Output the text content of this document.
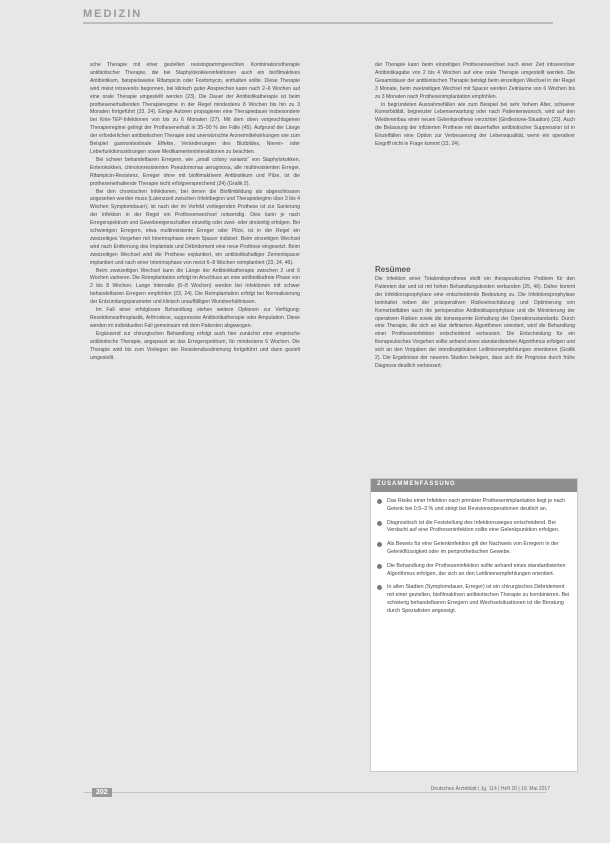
MEDIZIN

sche Therapie mit einer gezielten resistogrammgerechten Kombinationstherapie antibiotischer Therapie, die bei Staphylokokkeninfektionen auch ein biofilmaktives Antibiotikum, beispielsweise Rifampicin oder Fosfomycin, enthalten sollte. Diese Therapie wird meist intravenös begonnen, bei klinisch guter Ansprechen kann nach 2–6 Wochen auf eine orale Therapie umgestellt werden (23). Die Dauer der Antibiotikatherapie ist beim prothesenerhaltenden Therapieregime in der Regel mindestens 8 Wochen bis hin zu 3 Monaten fortgeführt (23, 24). Einige Autoren propagieren eine Therapiedauer insbesondere bei Knie-TEP-Infektionen von bis zu 6 Monaten (27). Mit dem oben vorgeschlagenen Therapieregime gelingt der Prothesenerhalt in 35–90 % der Fälle (45). Aufgrund der Länge der erforderlichen antibiotischen Therapie sind unerwünschte Arzneimittelwirkungen wie zum Beispiel gastrointestinale Effekte, Veränderungen des Blutbildes, Nieren- oder Leberfunktionsstörungen sowie Medikamenteninteraktionen zu beachten.

Bei schwer behandelbaren Erregern, wie „small colony variants“ von Staphylokokken, Enterokokken, chinolonresistenten Pseudomonas aeruginosa, alle multiresistenten Erreger, Rifampicin-Resistenz, Erreger ohne mit biofilmaktivem Antibiotikum und Pilze, ist die prothesenerhaltende Therapie nicht erfolgversprechend (24) (Grafik 2).

Bei den chronischen Infektionen, bei denen die Biofilmbildung als abgeschlossen angesehen werden muss (Latenzzeit zwischen Infektbeginn und Therapiebeginn über 3 bis 4 Wochen Symptomdauer), ist nach der im Vorfeld vorliegenden Prothese ist zur Sanierung der Infektion in der Regel ein Prothesenwechsel notwendig. Dies kann je nach Erregerspektrum und Gewebeeigenschaften einzeitig oder zwei- oder dreizeitig erfolgen. Bei schwierigen Erregern, etwa multiresistente Erreger oder Pilze, ist in der Regel ein zweizeitiges Vorgehen mit Interimsphase einem Spacer indiziert. Beim einzeitigen Wechsel wird nach Entfernung des Implantats und Débridement eine neue Prothese eingesetzt. Beim zweizeitigen Wechsel wird die Prothese explantiert, ein antibiotikahaltiger Zementspacer implantiert und nach einer Interimsphase von meist 6–8 Wochen reimplantiert (23, 24, 46).

Beim zweizeitigen Wechsel kann die Länge der Antibiotikatherapie zwischen 2 und 6 Wochen variieren. Die Reimplantation erfolgt im Anschluss an eine antibiotikafreie Phase von 2 bis 8 Wochen. Lange Intervalle (6–8 Wochen) werden bei Infektionen mit schwer behandelbaren Erregern empfohlen (23, 24). Die Reimplantation erfolgt bei Normalisierung der Entzündungsparameter und klinisch unauffälligen Wundverhältnissen.

Im Fall einer erfolglosen Behandlung stehen weitere Optionen zur Verfügung: Resektionsarthroplastik, Arthrodese, suppressive Antibiotikatherapie oder Amputation. Diese werden im individuellen Fall gemeinsam mit dem Patienten abgewogen.

Ergänzend zur chirurgischen Behandlung erfolgt auch hier zunächst eine empirische antibiotische Therapie, angepasst an das Erregerspektrum, für mindestens 6 Wochen. Die Therapie wird bis zum Vorliegen der Resistenzbestimmung fortgeführt und dann gezielt umgestellt.

der Therapie kann beim einzeitigen Prothesenwechsel nach einer Zeit intravenöser Antibiotikagabe von 2 bis 4 Wochen auf eine orale Therapie umgestellt werden. Die Gesamtdauer der antibiotischen Therapie beträgt beim einzeitigen Wechsel in der Regel 3 Monate, beim zweizeitigen Wechsel mit Spacer werden Zeiträume von 6 Wochen bis zu 3 Monaten nach Prothesenimplantation empfohlen.

In begründeten Ausnahmefällen wie zum Beispiel bei sehr hohem Alter, schwerer Komorbidität, begrenzter Lebenserwartung oder nach Patientenwunsch, wird auf den Wiedereinbau einer neuen Gelenkprothese verzichtet (Girdlestone-Situation) (23). Auch die Belassung der infizierten Prothese mit dauerhafter antibiotischer Suppression ist in Einzelfällen eine Option zur Verbesserung der Lebensqualität, wenn ein operativer Eingriff nicht in Frage kommt (23, 24).

Resümee

Die Infektion einer Totalendoprothese stellt ein therapeutisches Problem für den Patienten dar und ist mit hohen Behandlungskosten verbunden (25, 46). Daher kommt der Infektionsprophylaxe eine entscheidende Bedeutung zu. Die Infektionsprophylaxe beinhaltet neben der präoperativen Risikoeinschätzung und Optimierung von Komorbiditäten auch die perioperative Antibiotikaprophylaxe und die Minimierung der operativen Risiken sowie die konsequente Einhaltung der Operationsstandards. Durch eine Therapie, die sich an klar definierten Algorithmen orientiert, wird die Behandlung einer Protheseninfektion entscheidend verbessert. Die Entscheidung für ein therapeutisches Vorgehen sollte anhand eines standardisierten Algorithmus erfolgen und sich an den Vorgaben der interdisziplinären Leitlinienempfehlungen orientieren (Grafik 2). Die Ergebnisse der neueren Studien belegen, dass sich die Prognose durch frühe Diagnose deutlich verbessert.

ZUSAMMENFASSUNG
Das Risiko einer Infektion nach primärer Prothesenimplantation liegt je nach Gelenk bei 0,5–3 % und steigt bei Revisionsoperationen deutlich an.
Diagnostisch ist die Feststellung des Infektionsweges entscheidend. Bei Verdacht auf eine Protheseninfektion sollte eine Gelenkpunktion erfolgen.
Als Beweis für eine Gelenkinfektion gilt der Nachweis von Erregern in der Gelenkflüssigkeit oder im periprothetischen Gewebe.
Die Behandlung der Protheseninfektion sollte anhand eines standardisierten Algorithmus erfolgen, der sich an den Leitlinienempfehlungen orientiert.
In allen Stadien (Symptomdauer, Erreger) ist ein chirurgisches Débridement mit einer gezielten, biofilmaktiven antibiotischen Therapie zu kombinieren. Bei schwierig behandelbaren Erregern und Wechselsituationen ist die Beratung durch Spezialisten angezeigt.
202	Deutsches Ärzteblatt | Jg. 114 | Heft 20 | 19. Mai 2017
